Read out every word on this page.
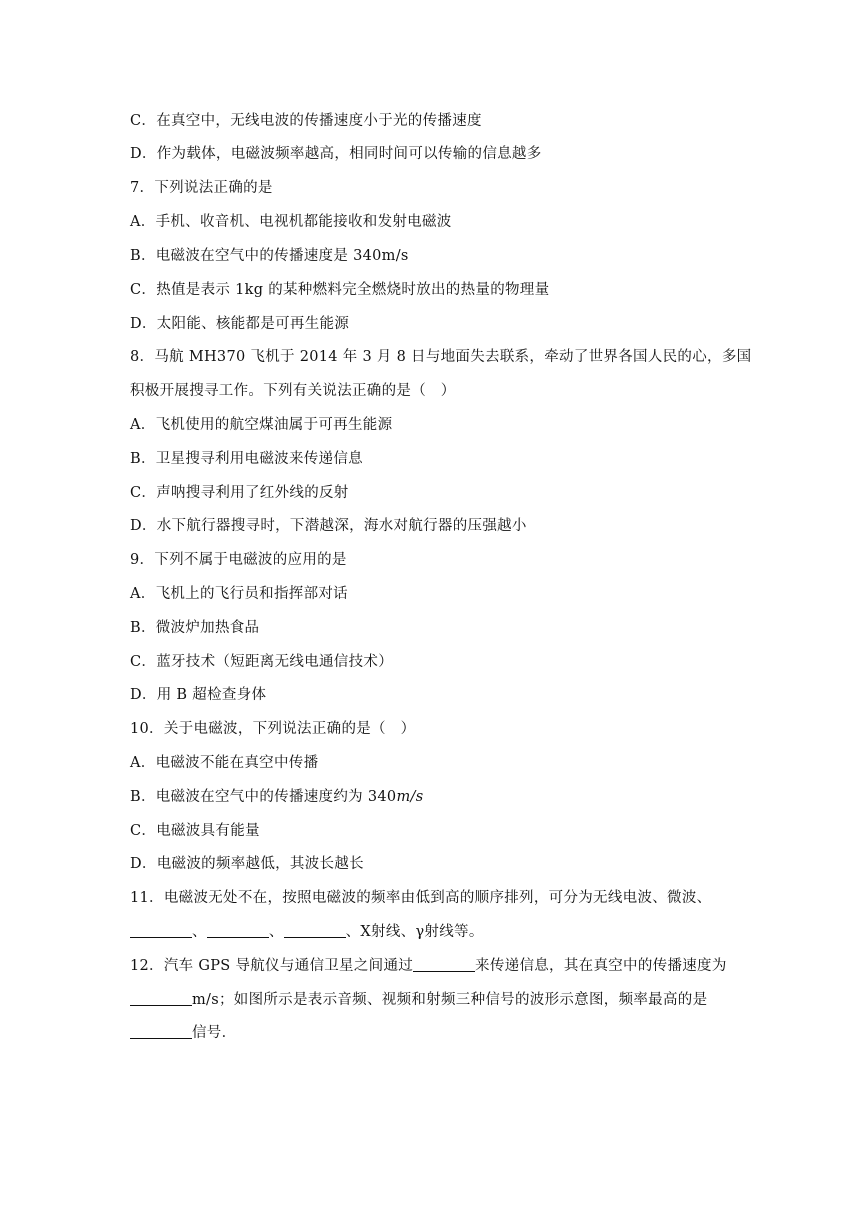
C．在真空中，无线电波的传播速度小于光的传播速度
D．作为载体，电磁波频率越高，相同时间可以传输的信息越多
7．下列说法正确的是
A．手机、收音机、电视机都能接收和发射电磁波
B．电磁波在空气中的传播速度是 340m/s
C．热值是表示 1kg 的某种燃料完全燃烧时放出的热量的物理量
D．太阳能、核能都是可再生能源
8．马航 MH370 飞机于 2014 年 3 月 8 日与地面失去联系，牵动了世界各国人民的心，多国
积极开展搜寻工作。下列有关说法正确的是（　）
A．飞机使用的航空煤油属于可再生能源
B．卫星搜寻利用电磁波来传递信息
C．声呐搜寻利用了红外线的反射
D．水下航行器搜寻时，下潜越深，海水对航行器的压强越小
9．下列不属于电磁波的应用的是
A．飞机上的飞行员和指挥部对话
B．微波炉加热食品
C．蓝牙技术（短距离无线电通信技术）
D．用 B 超检查身体
10．关于电磁波，下列说法正确的是（　）
A．电磁波不能在真空中传播
B．电磁波在空气中的传播速度约为 340m/s
C．电磁波具有能量
D．电磁波的频率越低，其波长越长
11．电磁波无处不在，按照电磁波的频率由低到高的顺序排列，可分为无线电波、微波、
、	、	、X射线、γ射线等。
12．汽车 GPS 导航仪与通信卫星之间通过	来传递信息，其在真空中的传播速度为
m/s；如图所示是表示音频、视频和射频三种信号的波形示意图，频率最高的是
信号．
